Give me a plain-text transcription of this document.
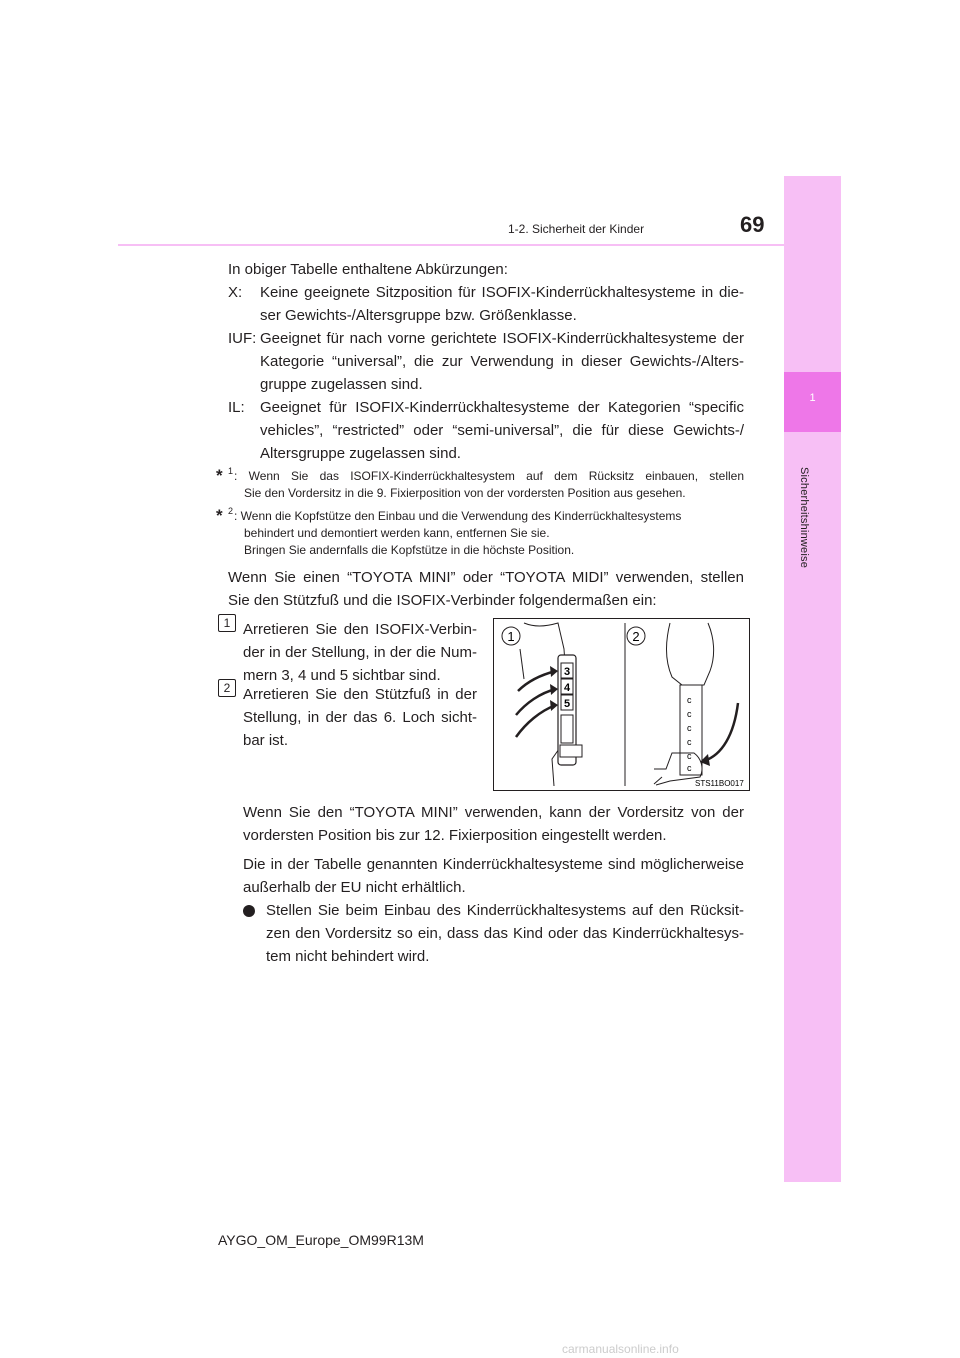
1
Sicherheitshinweise
1-2. Sicherheit der Kinder	69
In obiger Tabelle enthaltene Abkürzungen:
X: Keine geeignete Sitzposition für ISOFIX-Kinderrückhaltesysteme in die-
ser Gewichts-/Altersgruppe bzw. Größenklasse.
IUF: Geeignet für nach vorne gerichtete ISOFIX-Kinderrückhaltesysteme der
Kategorie “universal”, die zur Verwendung in dieser Gewichts-/Alters-
gruppe zugelassen sind.
IL: Geeignet für ISOFIX-Kinderrückhaltesysteme der Kategorien “specific
vehicles”, “restricted” oder “semi-universal”, die für diese Gewichts-/
Altersgruppe zugelassen sind.
* 1 : Wenn Sie das ISOFIX-Kinderrückhaltesystem auf dem Rücksitz einbauen, stellen
Sie den Vordersitz in die 9. Fixierposition von der vordersten Position aus gesehen.
* 2 : Wenn die Kopfstütze den Einbau und die Verwendung des Kinderrückhaltesystems
behindert und demontiert werden kann, entfernen Sie sie.
Bringen Sie andernfalls die Kopfstütze in die höchste Position.
Wenn Sie einen “TOYOTA MINI” oder “TOYOTA MIDI” verwenden, stellen
Sie den Stützfuß und die ISOFIX-Verbinder folgendermaßen ein:
1 Arretieren Sie den ISOFIX-Verbin-
der in der Stellung, in der die Num-
mern 3, 4 und 5 sichtbar sind.
2 Arretieren Sie den Stützfuß in der
Stellung, in der das 6. Loch sicht-
bar ist.
1	2
3
4
5	c
c
c
c
c
c
STS11BO017
Wenn Sie den “TOYOTA MINI” verwenden, kann der Vordersitz von der
vordersten Position bis zur 12. Fixierposition eingestellt werden.
Die in der Tabelle genannten Kinderrückhaltesysteme sind möglicherweise
außerhalb der EU nicht erhältlich.
Stellen Sie beim Einbau des Kinderrückhaltesystems auf den Rücksit-
zen den Vordersitz so ein, dass das Kind oder das Kinderrückhaltesys-
tem nicht behindert wird.
AYGO_OM_Europe_OM99R13M
carmanualsonline.info
